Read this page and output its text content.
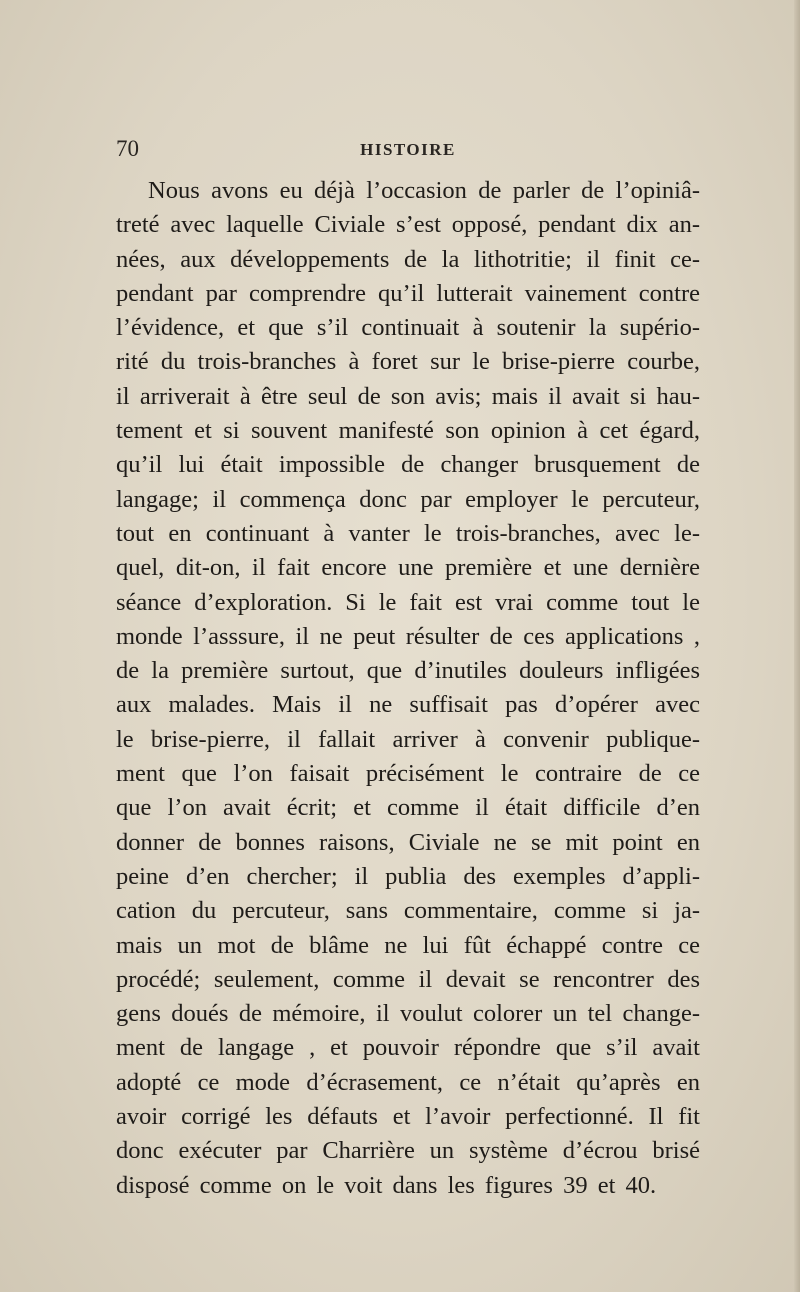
70	HISTOIRE
Nous avons eu déjà l’occasion de parler de l’opiniâ-
treté avec laquelle Civiale s’est opposé, pendant dix an-
nées, aux développements de la lithotritie; il finit ce-
pendant par comprendre qu’il lutterait vainement contre
l’évidence, et que s’il continuait à soutenir la supério-
rité du trois-branches à foret sur le brise-pierre courbe,
il arriverait à être seul de son avis; mais il avait si hau-
tement et si souvent manifesté son opinion à cet égard,
qu’il lui était impossible de changer brusquement de
langage; il commença donc par employer le percuteur,
tout en continuant à vanter le trois-branches, avec le-
quel, dit-on, il fait encore une première et une dernière
séance d’exploration. Si le fait est vrai comme tout le
monde l’asssure, il ne peut résulter de ces applications ,
de la première surtout, que d’inutiles douleurs infligées
aux malades. Mais il ne suffisait pas d’opérer avec
le brise-pierre, il fallait arriver à convenir publique-
ment que l’on faisait précisément le contraire de ce
que l’on avait écrit; et comme il était difficile d’en
donner de bonnes raisons, Civiale ne se mit point en
peine d’en chercher; il publia des exemples d’appli-
cation du percuteur, sans commentaire, comme si ja-
mais un mot de blâme ne lui fût échappé contre ce
procédé; seulement, comme il devait se rencontrer des
gens doués de mémoire, il voulut colorer un tel change-
ment de langage , et pouvoir répondre que s’il avait
adopté ce mode d’écrasement, ce n’était qu’après en
avoir corrigé les défauts et l’avoir perfectionné. Il fit
donc exécuter par Charrière un système d’écrou brisé
disposé comme on le voit dans les figures 39 et 40.
